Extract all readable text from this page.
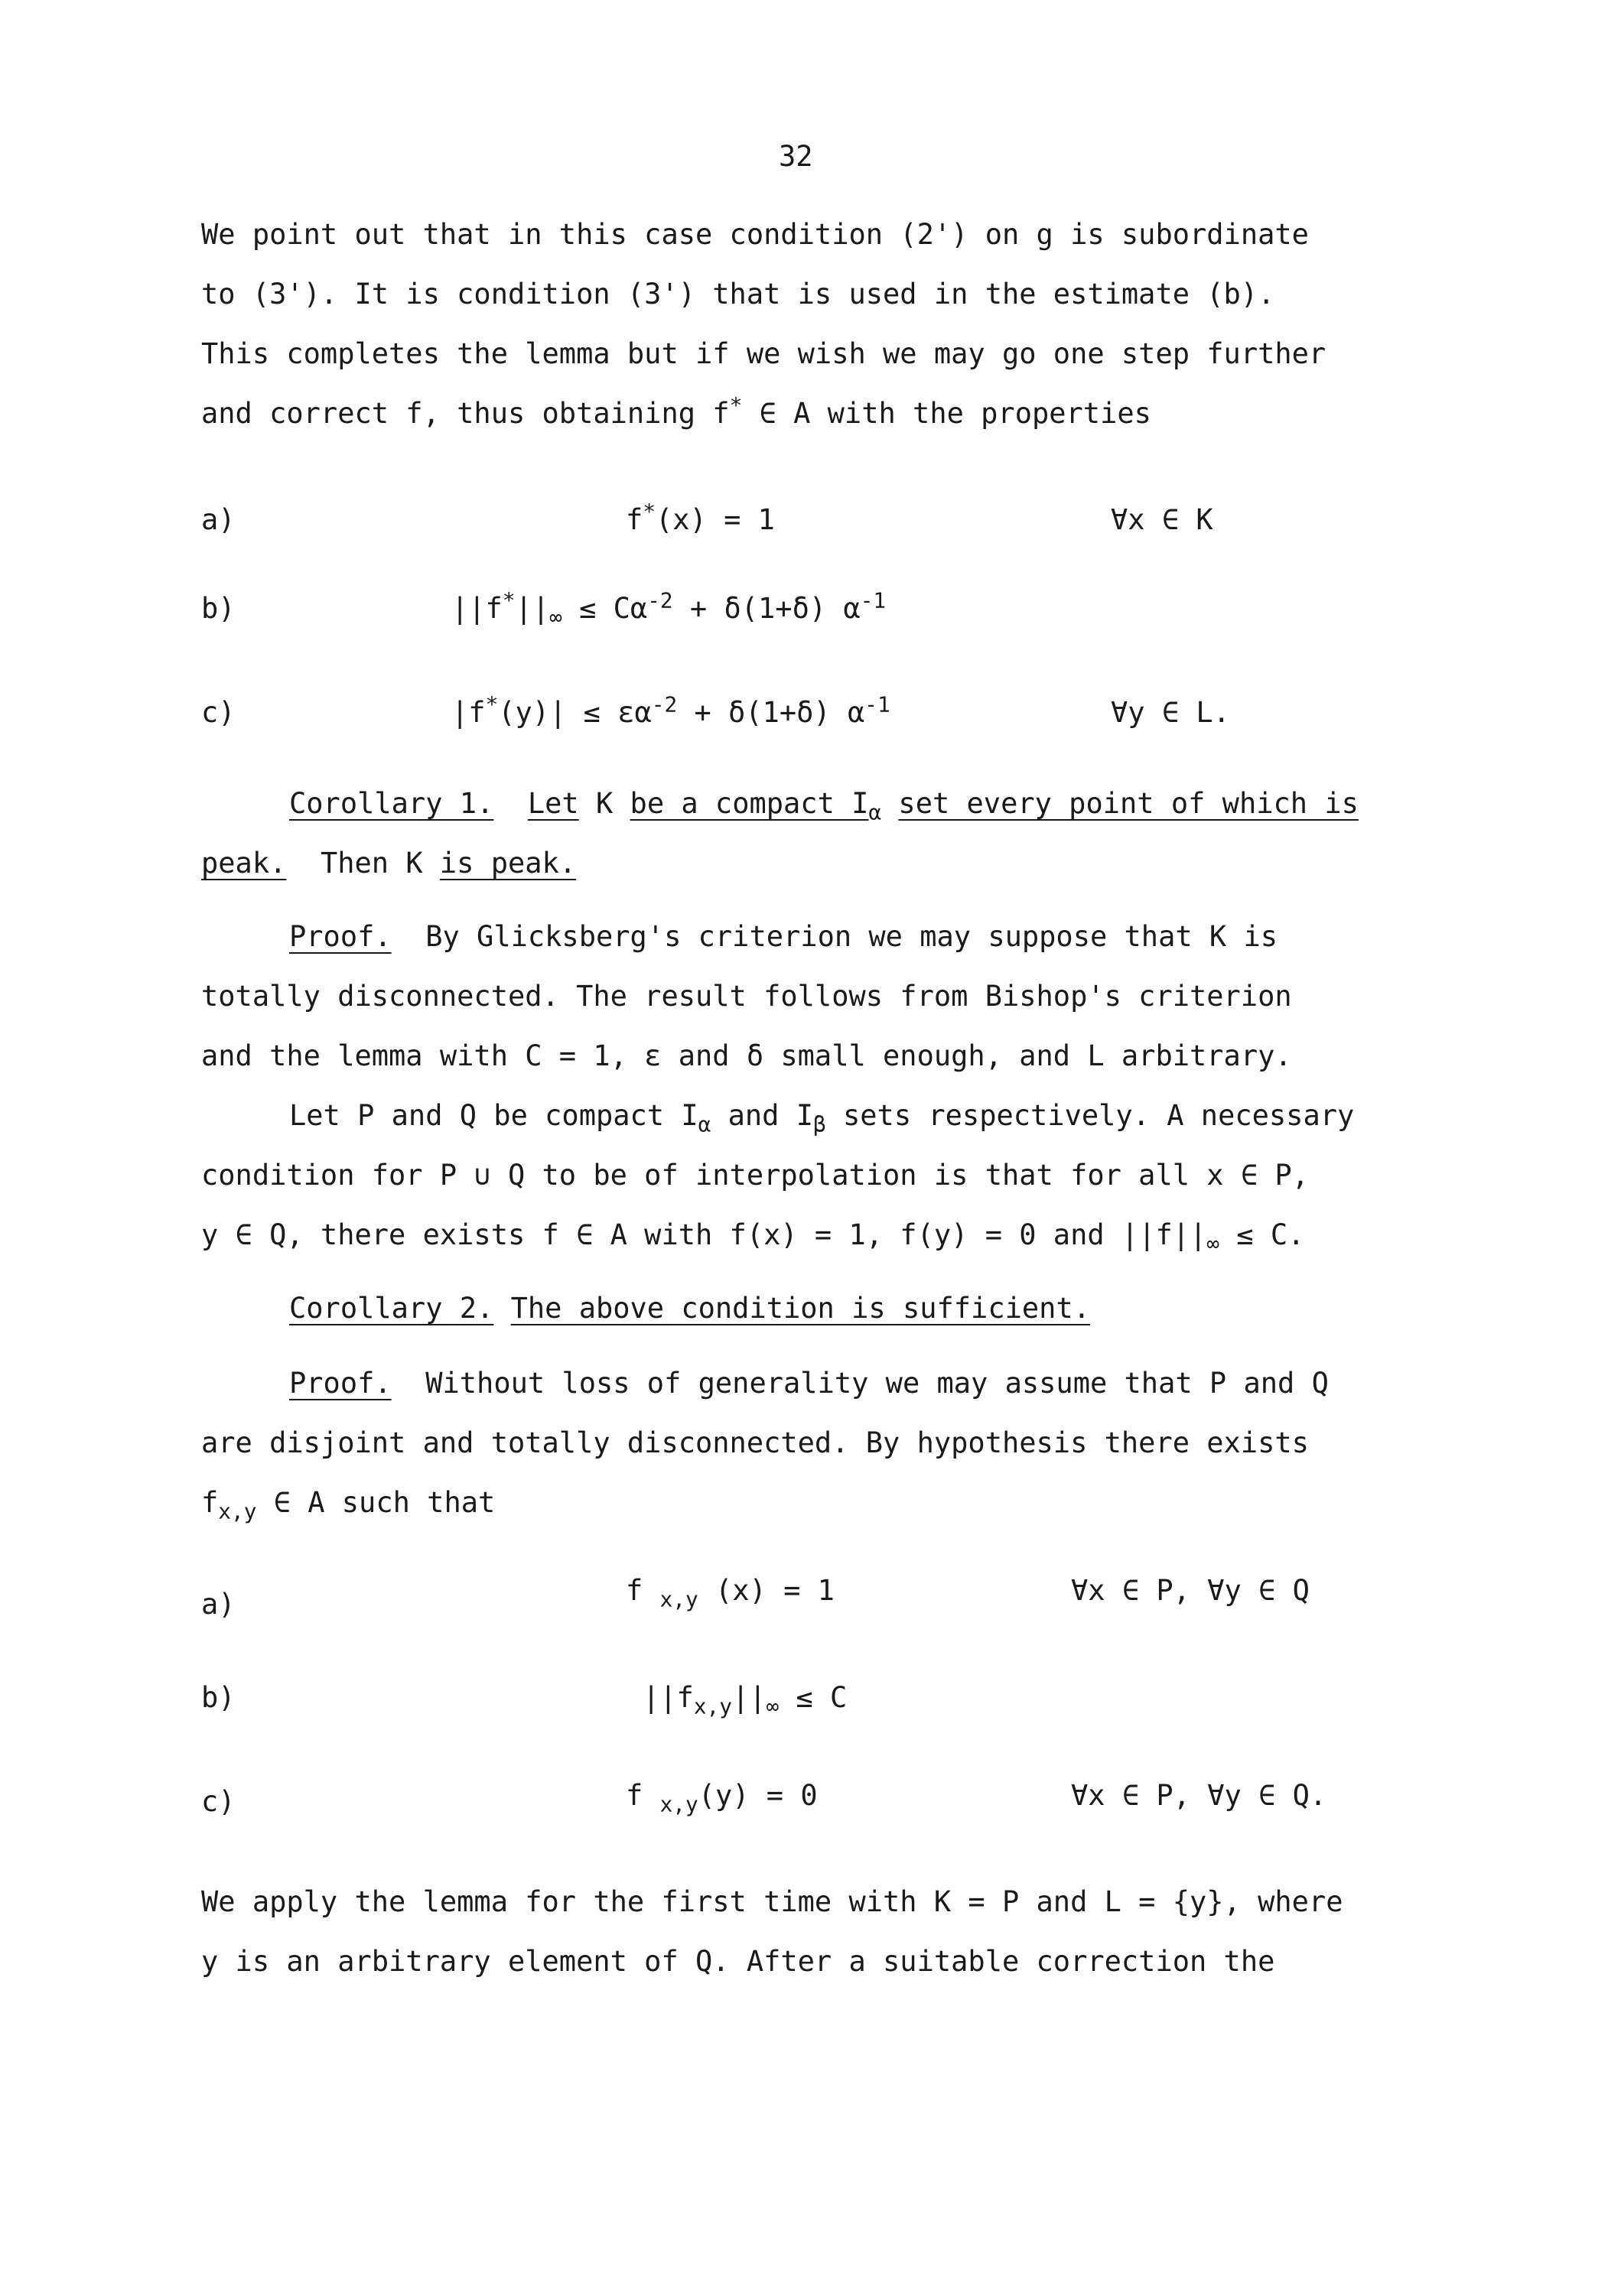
32
We point out that in this case condition (2') on g is subordinate
to (3'). It is condition (3') that is used in the estimate (b).
This completes the lemma but if we wish we may go one step further
and correct f, thus obtaining f* ∈ A with the properties
a)	f*(x) = 1	∀x ∈ K
b)	$||f^*||_\infty \le C\alpha^{-2} + \delta(1+\delta)$ $\alpha^{-1}$
c)	$|f^*(y)| \le \varepsilon\alpha^{-2} + \delta(1+\delta)$ $\alpha^{-1}$	∀y ∈ L.
Corollary 1. Let K be a compact $I_\alpha$ set every point of which is
peak. Then K is peak.
Proof. By Glicksberg's criterion we may suppose that K is
totally disconnected. The result follows from Bishop's criterion
and the lemma with C = 1, ε and δ small enough, and L arbitrary.
Let P and Q be compact $I_\alpha$ and $I_\beta$ sets respectively. A necessary
condition for P ∪ Q to be of interpolation is that for all x ∈ P,
y ∈ Q, there exists f ∈ A with f(x) = 1, f(y) = 0 and $||f||_\infty \le C$.
Corollary 2. The above condition is sufficient.
Proof. Without loss of generality we may assume that P and Q
are disjoint and totally disconnected. By hypothesis there exists
$f_{x,y}$ ∈ A such that
a)	f $_{x,y}$ (x) = 1	∀x ∈ P, ∀y ∈ Q
b)	$||f_{x,y}||_\infty \le C$
c)	f $_{x,y}$(y) = 0	∀x ∈ P, ∀y ∈ Q.
We apply the lemma for the first time with K = P and L = {y}, where
y is an arbitrary element of Q. After a suitable correction the
